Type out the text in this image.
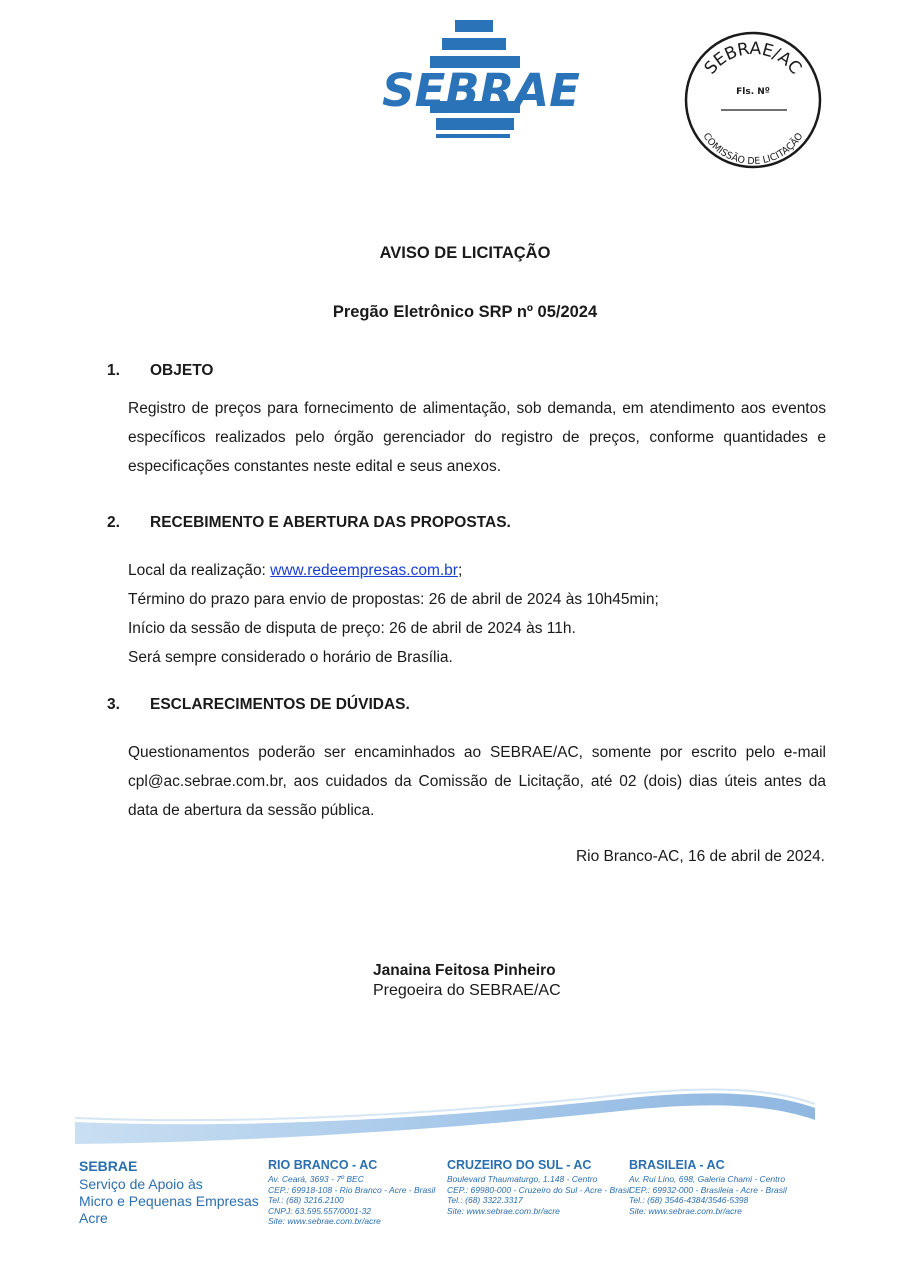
SEBRAE	SEBRAE/AC
Fls. Nº
COMISSÃO DE LICITAÇÃO
AVISO DE LICITAÇÃO
Pregão Eletrônico SRP nº 05/2024
1. OBJETO
Registro de preços para fornecimento de alimentação, sob demanda, em atendimento aos eventos específicos realizados pelo órgão gerenciador do registro de preços, conforme quantidades e especificações constantes neste edital e seus anexos.
2. RECEBIMENTO E ABERTURA DAS PROPOSTAS.
Local da realização: www.redeempresas.com.br;
Término do prazo para envio de propostas: 26 de abril de 2024 às 10h45min;
Início da sessão de disputa de preço: 26 de abril de 2024 às 11h.
Será sempre considerado o horário de Brasília.
3. ESCLARECIMENTOS DE DÚVIDAS.
Questionamentos poderão ser encaminhados ao SEBRAE/AC, somente por escrito pelo e-mail cpl@ac.sebrae.com.br, aos cuidados da Comissão de Licitação, até 02 (dois) dias úteis antes da data de abertura da sessão pública.
Rio Branco-AC, 16 de abril de 2024.
Janaina Feitosa Pinheiro
Pregoeira do SEBRAE/AC
SEBRAE
Serviço de Apoio às
Micro e Pequenas Empresas
Acre
RIO BRANCO - AC
Av. Ceará, 3693 - 7º BEC
CEP.: 69918-108 - Rio Branco - Acre - Brasil
Tel.: (68) 3216.2100
CNPJ: 63.595.557/0001-32
Site: www.sebrae.com.br/acre
CRUZEIRO DO SUL - AC
Boulevard Thaumaturgo, 1.148 - Centro
CEP.: 69980-000 - Cruzeiro do Sul - Acre - Brasil
Tel.: (68) 3322.3317
Site: www.sebrae.com.br/acre
BRASILEIA - AC
Av. Rui Lino, 698, Galeria Chami - Centro
CEP.: 69932-000 - Brasileia - Acre - Brasil
Tel.: (68) 3546-4384/3546-5398
Site: www.sebrae.com.br/acre
